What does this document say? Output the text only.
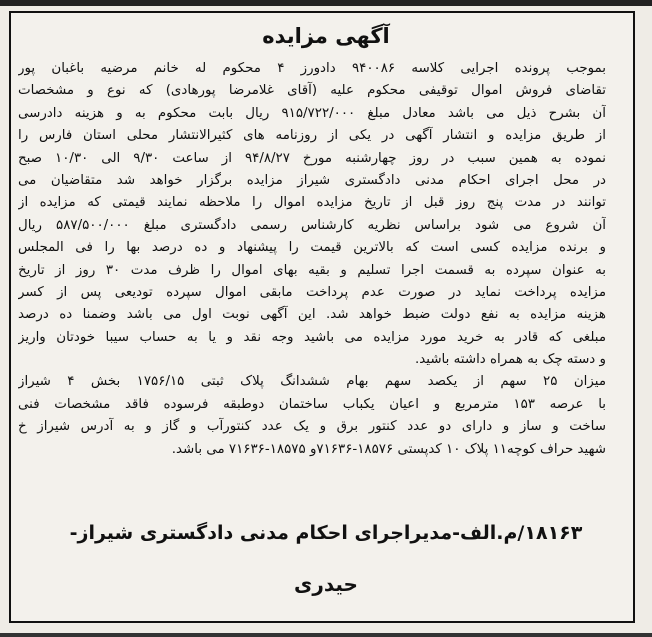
آگهی مزایده
بموجب پرونده اجرایی کلاسه ۹۴۰۰۸۶ دادورز ۴ محکوم له خانم مرضیه باغبان پور
تقاضای فروش اموال توقیفی محکوم علیه (آقای غلامرضا پورهادی) که نوع و مشخصات
آن بشرح ذیل می باشد معادل مبلغ ۹۱۵/۷۲۲/۰۰۰ ریال بابت محکوم به و هزینه دادرسی
از طریق مزایده و انتشار آگهی در یکی از روزنامه های کثیرالانتشار محلی استان فارس را
نموده به همین سبب در روز چهارشنبه مورخ ۹۴/۸/۲۷ از ساعت ۹/۳۰ الی ۱۰/۳۰ صبح
در محل اجرای احکام مدنی دادگستری شیراز مزایده برگزار خواهد شد متقاضیان می
توانند در مدت پنج روز قبل از تاریخ مزایده اموال را ملاحظه نمایند قیمتی که مزایده از
آن شروع می شود براساس نظریه کارشناس رسمی دادگستری مبلغ ۵۸۷/۵۰۰/۰۰۰ ریال
و برنده مزایده کسی است که بالاترین قیمت را پیشنهاد و ده درصد بها را فی المجلس
به عنوان سپرده به قسمت اجرا تسلیم و بقیه بهای اموال را ظرف مدت ۳۰ روز از تاریخ
مزایده پرداخت نماید در صورت عدم پرداخت مابقی اموال سپرده تودیعی پس از کسر
هزینه مزایده به نفع دولت ضبط خواهد شد. این آگهی نوبت اول می باشد وضمنا ده درصد
مبلغی که قادر به خرید مورد مزایده می باشید وجه نقد و یا به حساب سیبا خودتان واریز
و دسته چک به همراه داشته باشید.
میزان ۲۵ سهم از یکصد سهم بهام ششدانگ پلاک ثبتی ۱۷۵۶/۱۵ بخش ۴ شیراز
با عرصه ۱۵۳ مترمربع و اعیان یکباب ساختمان دوطبقه فرسوده فاقد مشخصات فنی
ساخت و ساز و دارای دو عدد کنتور برق و یک عدد کنتورآب و گاز و به آدرس شیراز خ
شهید حراف کوچه۱۱ پلاک ۱۰ کدپستی ۱۸۵۷۶-۷۱۶۳۶و ۱۸۵۷۵-۷۱۶۳۶ می باشد.
۱۸۱۶۳/م.الف-مدیراجرای احکام مدنی دادگستری شیراز-
حیدری
